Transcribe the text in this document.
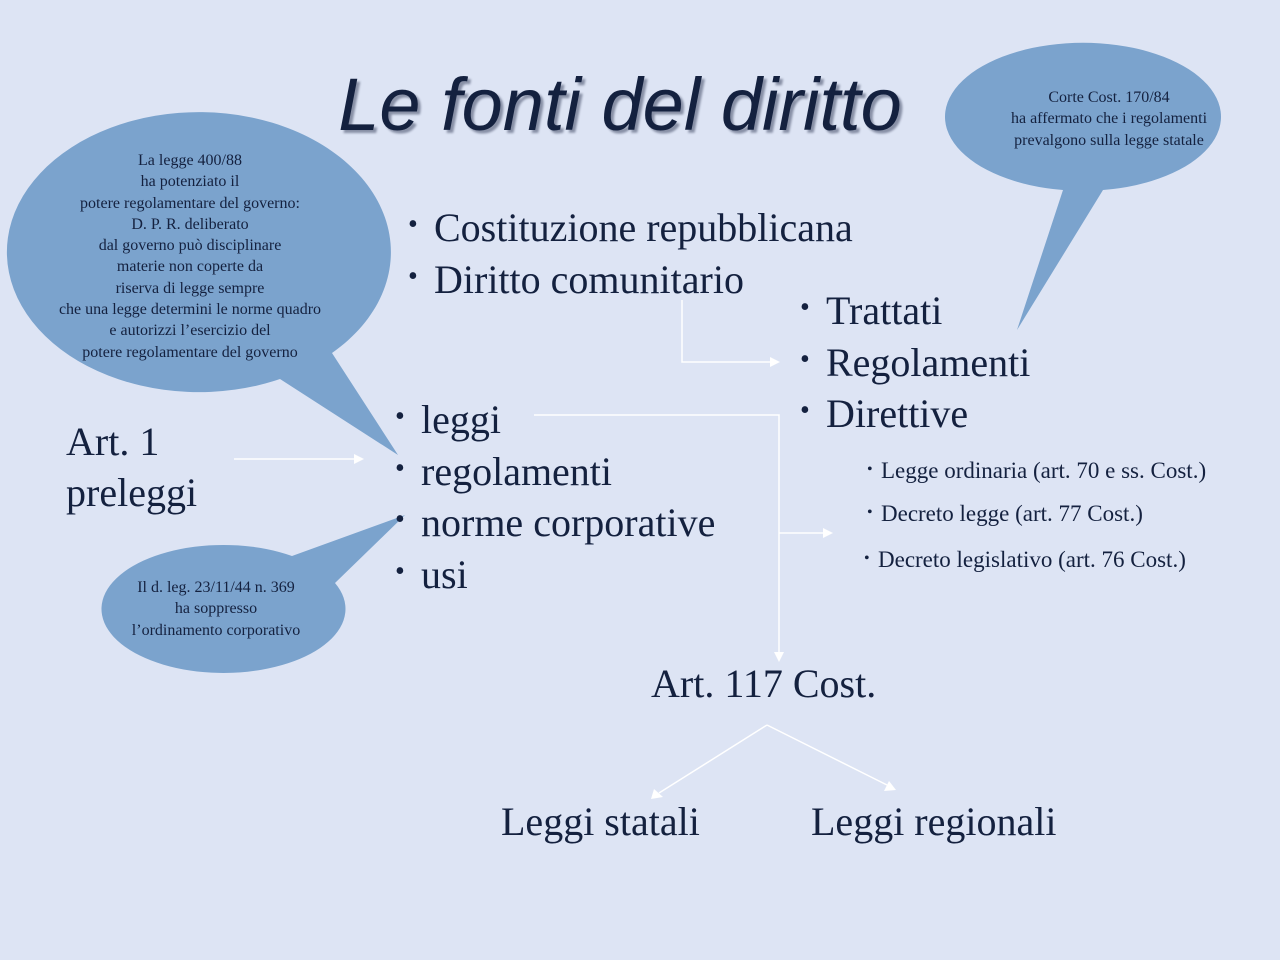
Le fonti del diritto	Corte Cost. 170/84
ha affermato che i regolamenti
prevalgono sulla legge statale
La legge 400/88
ha potenziato il
potere regolamentare del governo:
D. P. R. deliberato
dal governo può disciplinare
materie non coperte da
riserva di legge sempre
che una legge determini le norme quadro
e autorizzi l’esercizio del
potere regolamentare del governo
Il d. leg. 23/11/44 n. 369
ha soppresso
l’ordinamento corporativo
• Costituzione repubblicana
• Diritto comunitario
• Trattati
• Regolamenti
• Direttive
• leggi
• regolamenti
• norme corporative
• usi
• Legge ordinaria (art. 70 e ss. Cost.)
• Decreto legge (art. 77 Cost.)
• Decreto legislativo (art. 76 Cost.)
Art. 1
preleggi
Art. 117 Cost.
Leggi statali	Leggi regionali
